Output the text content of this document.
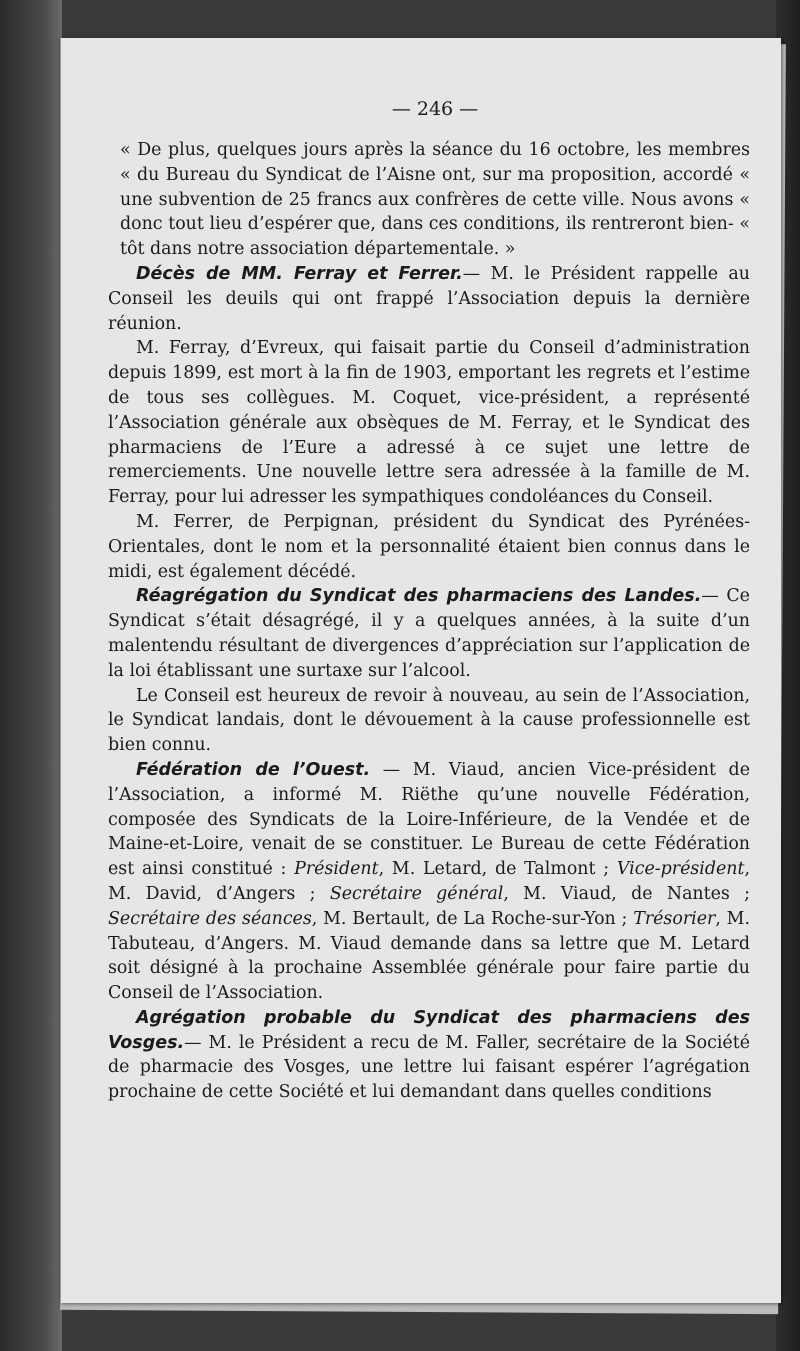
— 246 —

« De plus, quelques jours après la séance du 16 octobre, les membres « du Bureau du Syndicat de l’Aisne ont, sur ma proposition, accordé « une subvention de 25 francs aux confrères de cette ville. Nous avons « donc tout lieu d’espérer que, dans ces conditions, ils rentreront bien- « tôt dans notre association départementale. »

Décès de MM. Ferray et Ferrer.— M. le Président rappelle au Conseil les deuils qui ont frappé l’Association depuis la dernière réunion.

M. Ferray, d’Evreux, qui faisait partie du Conseil d’administration depuis 1899, est mort à la fin de 1903, emportant les regrets et l’estime de tous ses collègues. M. Coquet, vice-président, a représenté l’Association générale aux obsèques de M. Ferray, et le Syndicat des pharmaciens de l’Eure a adressé à ce sujet une lettre de remerciements. Une nouvelle lettre sera adressée à la famille de M. Ferray, pour lui adresser les sympathiques condoléances du Conseil.

M. Ferrer, de Perpignan, président du Syndicat des Pyrénées-Orientales, dont le nom et la personnalité étaient bien connus dans le midi, est également décédé.

Réagrégation du Syndicat des pharmaciens des Landes.— Ce Syndicat s’était désagrégé, il y a quelques années, à la suite d’un malentendu résultant de divergences d’appréciation sur l’application de la loi établissant une surtaxe sur l’alcool.

Le Conseil est heureux de revoir à nouveau, au sein de l’Association, le Syndicat landais, dont le dévouement à la cause professionnelle est bien connu.

Fédération de l’Ouest. — M. Viaud, ancien Vice-président de l’Association, a informé M. Riëthe qu’une nouvelle Fédération, composée des Syndicats de la Loire-Inférieure, de la Vendée et de Maine-et-Loire, venait de se constituer. Le Bureau de cette Fédération est ainsi constitué : Président, M. Letard, de Talmont ; Vice-président, M. David, d’Angers ; Secrétaire général, M. Viaud, de Nantes ; Secrétaire des séances, M. Bertault, de La Roche-sur-Yon ; Trésorier, M. Tabuteau, d’Angers. M. Viaud demande dans sa lettre que M. Letard soit désigné à la prochaine Assemblée générale pour faire partie du Conseil de l’Association.

Agrégation probable du Syndicat des pharmaciens des Vosges.— M. le Président a recu de M. Faller, secrétaire de la Société de pharmacie des Vosges, une lettre lui faisant espérer l’agrégation prochaine de cette Société et lui demandant dans quelles conditions
